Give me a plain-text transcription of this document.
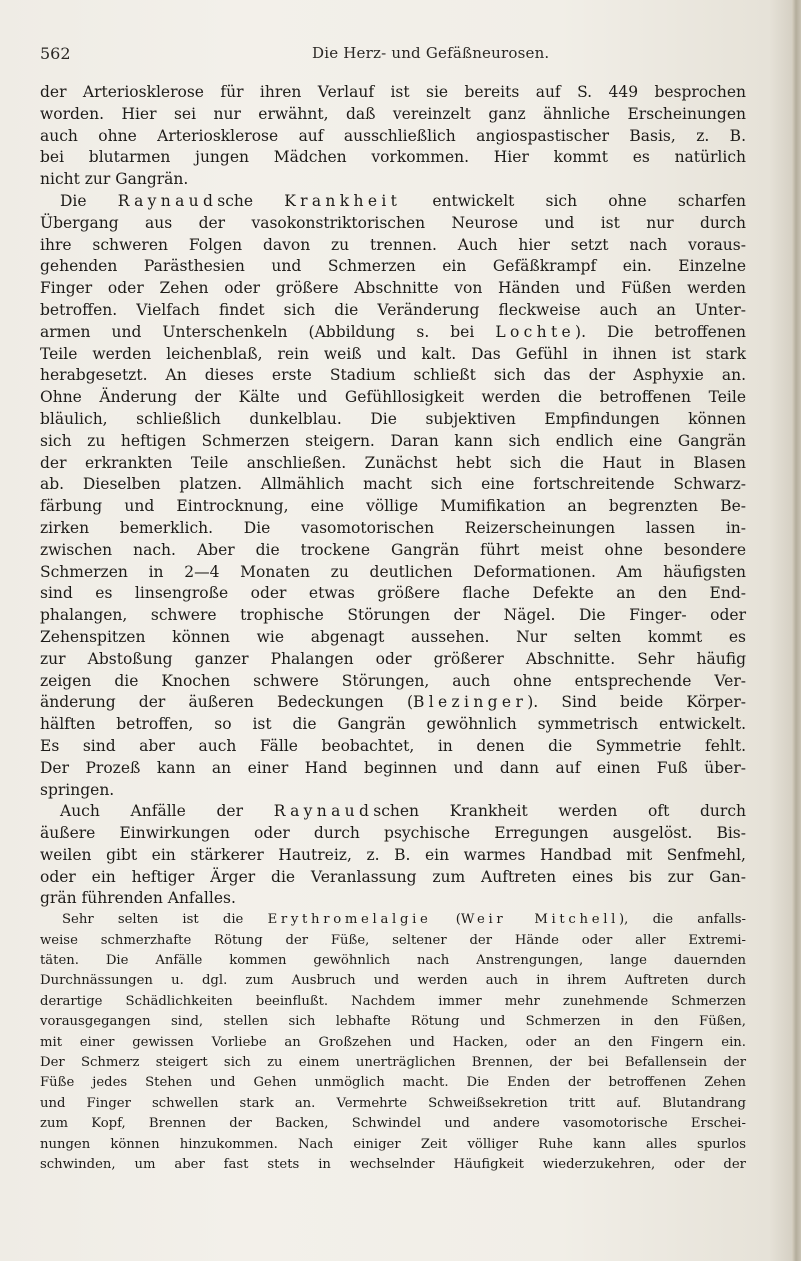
562	Die Herz- und Gefäßneurosen.
der Arteriosklerose für ihren Verlauf ist sie bereits auf S. 449 besprochen
worden. Hier sei nur erwähnt, daß vereinzelt ganz ähnliche Erscheinungen
auch ohne Arteriosklerose auf ausschließlich angiospastischer Basis, z. B.
bei blutarmen jungen Mädchen vorkommen. Hier kommt es natürlich
nicht zur Gangrän.
Die Raynaudsche Krankheit entwickelt sich ohne scharfen
Übergang aus der vasokonstriktorischen Neurose und ist nur durch
ihre schweren Folgen davon zu trennen. Auch hier setzt nach voraus-
gehenden Parästhesien und Schmerzen ein Gefäßkrampf ein. Einzelne
Finger oder Zehen oder größere Abschnitte von Händen und Füßen werden
betroffen. Vielfach findet sich die Veränderung fleckweise auch an Unter-
armen und Unterschenkeln (Abbildung s. bei Lochte). Die betroffenen
Teile werden leichenblaß, rein weiß und kalt. Das Gefühl in ihnen ist stark
herabgesetzt. An dieses erste Stadium schließt sich das der Asphyxie an.
Ohne Änderung der Kälte und Gefühllosigkeit werden die betroffenen Teile
bläulich, schließlich dunkelblau. Die subjektiven Empfindungen können
sich zu heftigen Schmerzen steigern. Daran kann sich endlich eine Gangrän
der erkrankten Teile anschließen. Zunächst hebt sich die Haut in Blasen
ab. Dieselben platzen. Allmählich macht sich eine fortschreitende Schwarz-
färbung und Eintrocknung, eine völlige Mumifikation an begrenzten Be-
zirken bemerklich. Die vasomotorischen Reizerscheinungen lassen in-
zwischen nach. Aber die trockene Gangrän führt meist ohne besondere
Schmerzen in 2—4 Monaten zu deutlichen Deformationen. Am häufigsten
sind es linsengroße oder etwas größere flache Defekte an den End-
phalangen, schwere trophische Störungen der Nägel. Die Finger- oder
Zehenspitzen können wie abgenagt aussehen. Nur selten kommt es
zur Abstoßung ganzer Phalangen oder größerer Abschnitte. Sehr häufig
zeigen die Knochen schwere Störungen, auch ohne entsprechende Ver-
änderung der äußeren Bedeckungen (Blezinger). Sind beide Körper-
hälften betroffen, so ist die Gangrän gewöhnlich symmetrisch entwickelt.
Es sind aber auch Fälle beobachtet, in denen die Symmetrie fehlt.
Der Prozeß kann an einer Hand beginnen und dann auf einen Fuß über-
springen.
Auch Anfälle der Raynaudschen Krankheit werden oft durch
äußere Einwirkungen oder durch psychische Erregungen ausgelöst. Bis-
weilen gibt ein stärkerer Hautreiz, z. B. ein warmes Handbad mit Senfmehl,
oder ein heftiger Ärger die Veranlassung zum Auftreten eines bis zur Gan-
grän führenden Anfalles.
Sehr selten ist die Erythromelalgie (Weir Mitchell), die anfalls-
weise schmerzhafte Rötung der Füße, seltener der Hände oder aller Extremi-
täten. Die Anfälle kommen gewöhnlich nach Anstrengungen, lange dauernden
Durchnässungen u. dgl. zum Ausbruch und werden auch in ihrem Auftreten durch
derartige Schädlichkeiten beeinflußt. Nachdem immer mehr zunehmende Schmerzen
vorausgegangen sind, stellen sich lebhafte Rötung und Schmerzen in den Füßen,
mit einer gewissen Vorliebe an Großzehen und Hacken, oder an den Fingern ein.
Der Schmerz steigert sich zu einem unerträglichen Brennen, der bei Befallensein der
Füße jedes Stehen und Gehen unmöglich macht. Die Enden der betroffenen Zehen
und Finger schwellen stark an. Vermehrte Schweißsekretion tritt auf. Blutandrang
zum Kopf, Brennen der Backen, Schwindel und andere vasomotorische Erschei-
nungen können hinzukommen. Nach einiger Zeit völliger Ruhe kann alles spurlos
schwinden, um aber fast stets in wechselnder Häufigkeit wiederzukehren, oder der
